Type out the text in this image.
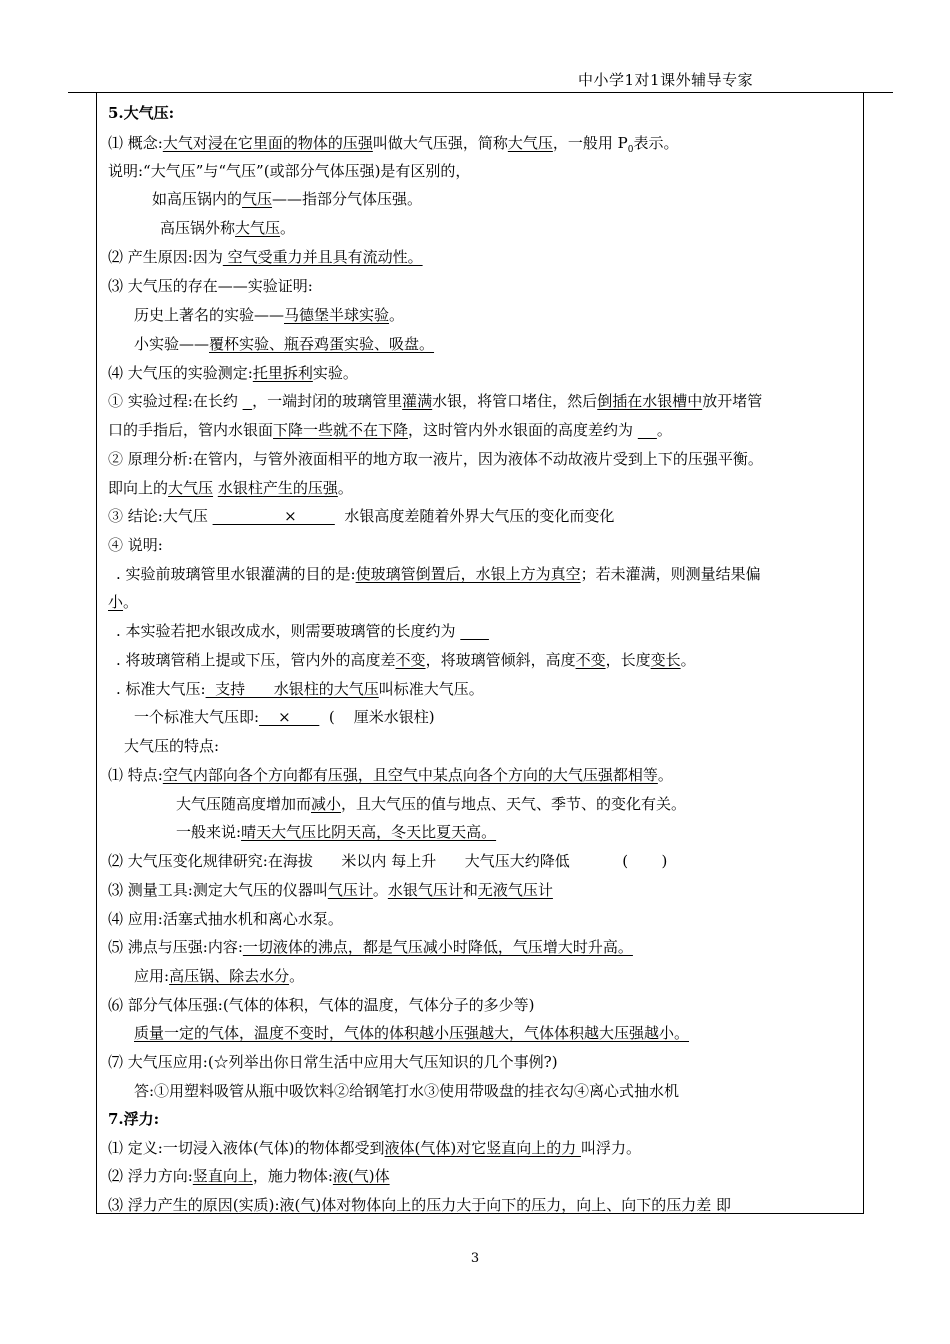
中小学1对1课外辅导专家
5.大气压:
⑴ 概念:大气对浸在它里面的物体的压强叫做大气压强，简称大气压，一般用 $P_0$表示。
说明:“大气压”与“气压”(或部分气体压强)是有区别的，
如高压锅内的气压——指部分气体压强。
高压锅外称大气压。
⑵ 产生原因:因为 空气受重力并且具有流动性。
⑶ 大气压的存在——实验证明:
历史上著名的实验——马德堡半球实验。
小实验——覆杯实验、瓶吞鸡蛋实验、吸盘。
⑷ 大气压的实验测定:托里拆利实验。
① 实验过程:在长约   ，一端封闭的玻璃管里灌满水银，将管口堵住，然后倒插在水银槽中放开堵管
口的手指后，管内水银面下降一些就不在下降，这时管内外水银面的高度差约为     。
② 原理分析:在管内，与管外液面相平的地方取一液片，因为液体不动故液片受到上下的压强平衡。
即向上的大气压 水银柱产生的压强。
③ 结论:大气压                ×          水银高度差随着外界大气压的变化而变化
④ 说明:
. 实验前玻璃管里水银灌满的目的是:使玻璃管倒置后，水银上方为真空；若未灌满，则测量结果偏
小。
. 本实验若把水银改成水，则需要玻璃管的长度约为
. 将玻璃管稍上提或下压，管内外的高度差不变，将玻璃管倾斜，高度不变，长度变长。
. 标准大气压:  支持      水银柱的大气压叫标准大气压。
一个标准大气压即:    ×        (    厘米水银柱)
大气压的特点:
⑴ 特点:空气内部向各个方向都有压强，且空气中某点向各个方向的大气压强都相等。
大气压随高度增加而减小，且大气压的值与地点、天气、季节、的变化有关。
一般来说:晴天大气压比阴天高，冬天比夏天高。
⑵ 大气压变化规律研究:在海拔      米以内 每上升      大气压大约降低           (       )
⑶ 测量工具:测定大气压的仪器叫气压计。水银气压计和无液气压计
⑷ 应用:活塞式抽水机和离心水泵。
⑸ 沸点与压强:内容:一切液体的沸点，都是气压减小时降低，气压增大时升高。
应用:高压锅、除去水分。
⑹ 部分气体压强:(气体的体积，气体的温度，气体分子的多少等)
质量一定的气体，温度不变时，气体的体积越小压强越大，气体体积越大压强越小。
⑺ 大气压应用:(☆列举出你日常生活中应用大气压知识的几个事例?)
答:①用塑料吸管从瓶中吸饮料②给钢笔打水③使用带吸盘的挂衣勾④离心式抽水机
7.浮力:
⑴ 定义:一切浸入液体(气体)的物体都受到液体(气体)对它竖直向上的力 叫浮力。
⑵ 浮力方向:竖直向上，施力物体:液(气)体
⑶ 浮力产生的原因(实质):液(气)体对物体向上的压力大于向下的压力，向上、向下的压力差 即
3
